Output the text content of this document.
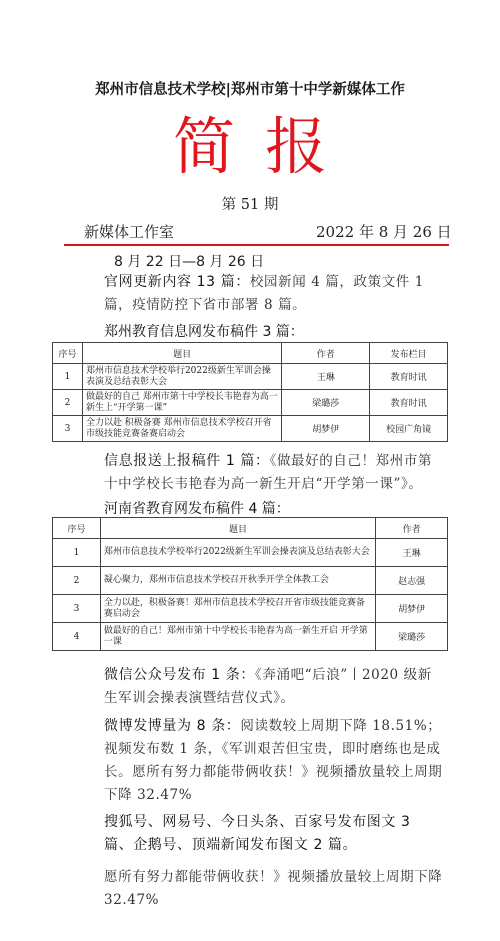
郑州市信息技术学校|郑州市第十中学新媒体工作
简报
第 51 期
新媒体工作室	2022 年 8 月 26 日
8 月 22 日—8 月 26 日
官网更新内容 13 篇：校园新闻 4 篇，政策文件 1 篇，疫情防控下省市部署 8 篇。
郑州教育信息网发布稿件 3 篇：
序号	题目	作者	发布栏目
1	郑州市信息技术学校举行2022级新生军训会操表演及总结表彰大会	王琳	教育时讯
2	做最好的自己 郑州市第十中学校长韦艳春为高一新生上“开学第一课”	梁璐莎	教育时讯
3	全力以赴 积极备赛 郑州市信息技术学校召开省市级技能竞赛备赛启动会	胡梦伊	校园广角镜
信息报送上报稿件 1 篇：《做最好的自己！郑州市第十中学校长韦艳春为高一新生开启“开学第一课”》。
河南省教育网发布稿件 4 篇：
序号	题目	作者
1	郑州市信息技术学校举行2022级新生军训会操表演及总结表彰大会	王琳
2	凝心聚力，郑州市信息技术学校召开秋季开学全体教工会	赵志强
3	全力以赴，积极备赛！郑州市信息技术学校召开省市级技能竞赛备赛启动会	胡梦伊
4	做最好的自己！郑州市第十中学校长韦艳春为高一新生开启 开学第一课	梁璐莎
微信公众号发布 1 条：《奔涌吧“后浪”丨2020 级新生军训会操表演暨结营仪式》。
微博发博量为 8 条：阅读数较上周期下降 18.51%；视频发布数 1 条，《军训艰苦但宝贵，即时磨练也是成长。愿所有努力都能带俩收获！》视频播放量较上周期下降 32.47%
搜狐号、网易号、今日头条、百家号发布图文 3 篇、企鹅号、顶端新闻发布图文 2 篇。
愿所有努力都能带俩收获！》视频播放量较上周期下降 32.47%
